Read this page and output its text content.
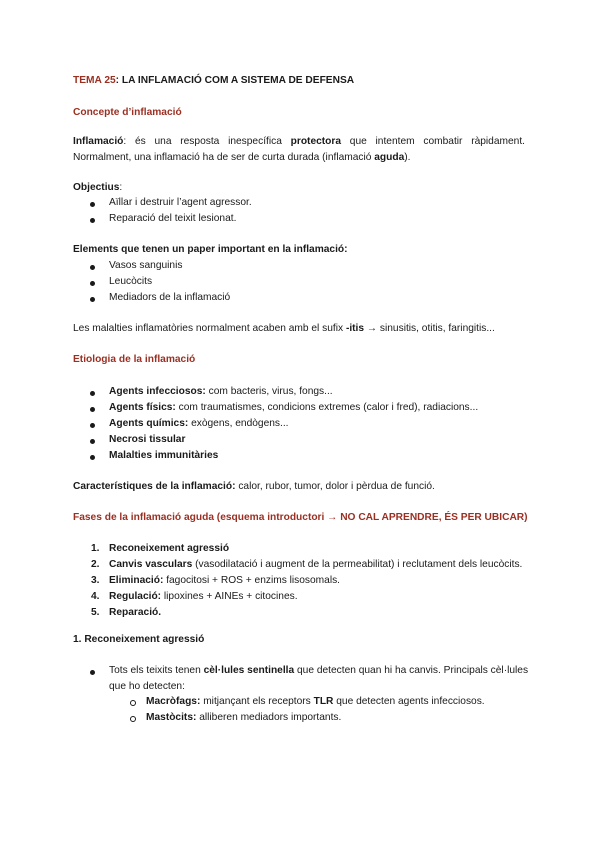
TEMA 25: LA INFLAMACIÓ COM A SISTEMA DE DEFENSA
Concepte d’inflamació
Inflamació: és una resposta inespecífica protectora que intentem combatir ràpidament. Normalment, una inflamació ha de ser de curta durada (inflamació aguda).
Objectius:
Aïllar i destruir l’agent agressor.
Reparació del teixit lesionat.
Elements que tenen un paper important en la inflamació:
Vasos sanguinis
Leucòcits
Mediadors de la inflamació
Les malalties inflamatòries normalment acaben amb el sufix -itis → sinusitis, otitis, faringitis...
Etiologia de la inflamació
Agents infecciosos: com bacteris, virus, fongs...
Agents físics: com traumatismes, condicions extremes (calor i fred), radiacions...
Agents químics: exògens, endògens...
Necrosi tissular
Malalties immunitàries
Característiques de la inflamació: calor, rubor, tumor, dolor i pèrdua de funció.
Fases de la inflamació aguda (esquema introductori → NO CAL APRENDRE, ÉS PER UBICAR)
1. Reconeixement agressió
2. Canvis vasculars (vasodilatació i augment de la permeabilitat) i reclutament dels leucòcits.
3. Eliminació: fagocitosi + ROS + enzims lisosomals.
4. Regulació: lipoxines + AINEs + citocines.
5. Reparació.
1. Reconeixement agressió
Tots els teixits tenen cèl·lules sentinella que detecten quan hi ha canvis. Principals cèl·lules
que ho detecten:
Macròfags: mitjançant els receptors TLR que detecten agents infecciosos.
Mastòcits: alliberen mediadors importants.
